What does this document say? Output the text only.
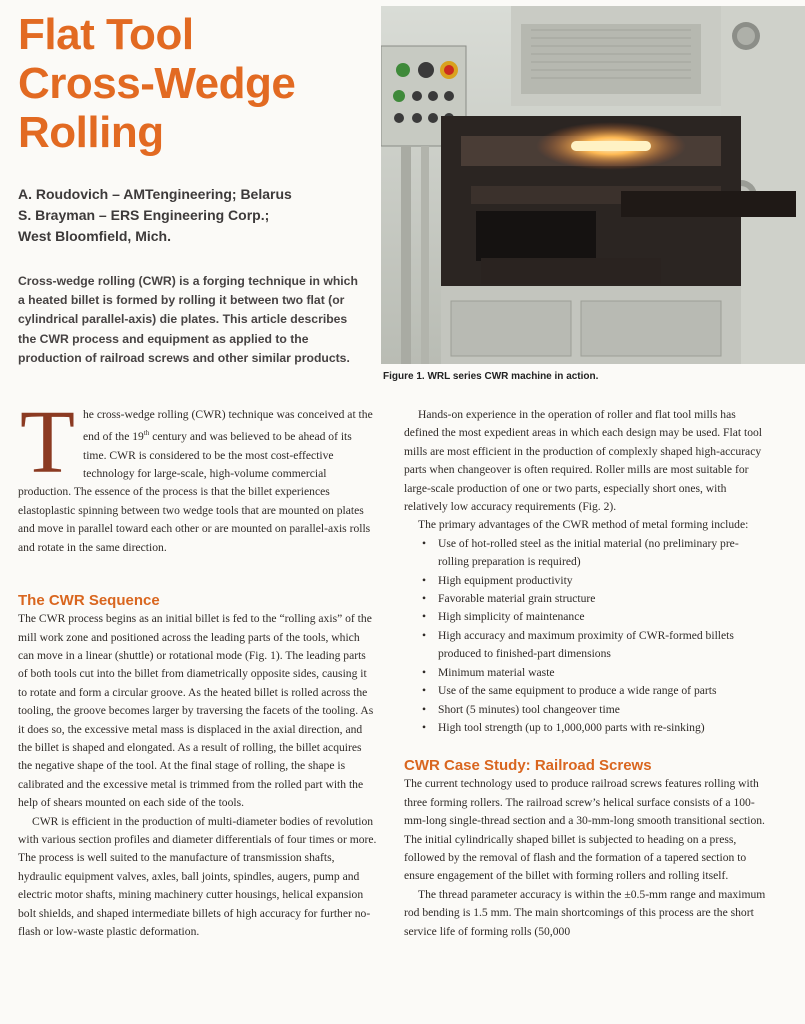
Flat Tool
Cross-Wedge
Rolling
A. Roudovich – AMTengineering; Belarus
S. Brayman – ERS Engineering Corp.;
West Bloomfield, Mich.
Cross-wedge rolling (CWR) is a forging technique in which a heated billet is formed by rolling it between two flat (or cylindrical parallel-axis) die plates. This article describes the CWR process and equipment as applied to the production of railroad screws and other similar products.
Figure 1. WRL series CWR machine in action.

The cross-wedge rolling (CWR) technique was conceived at the end of the 19th century and was believed to be ahead of its time. CWR is considered to be the most cost-effective technology for large-scale, high-volume commercial production. The essence of the process is that the billet experiences elastoplastic spinning between two wedge tools that are mounted on plates and move in parallel toward each other or are mounted on parallel-axis rolls and rotate in the same direction.

The CWR Sequence

The CWR process begins as an initial billet is fed to the “rolling axis” of the mill work zone and positioned across the leading parts of the tools, which can move in a linear (shuttle) or rotational mode (Fig. 1). The leading parts of both tools cut into the billet from diametrically opposite sides, causing it to rotate and form a circular groove. As the heated billet is rolled across the tooling, the groove becomes larger by traversing the facets of the tooling. As it does so, the excessive metal mass is displaced in the axial direction, and the billet is shaped and elongated. As a result of rolling, the billet acquires the negative shape of the tool. At the final stage of rolling, the shape is calibrated and the excessive metal is trimmed from the rolled part with the help of shears mounted on each side of the tools.

CWR is efficient in the production of multi-diameter bodies of revolution with various section profiles and diameter differentials of four times or more. The process is well suited to the manufacture of transmission shafts, hydraulic equipment valves, axles, ball joints, spindles, augers, pump and electric motor shafts, mining machinery cutter housings, helical expansion bolt shields, and shaped intermediate billets of high accuracy for further no-flash or low-waste plastic deformation.

Hands-on experience in the operation of roller and flat tool mills has defined the most expedient areas in which each design may be used. Flat tool mills are most efficient in the production of complexly shaped high-accuracy parts when changeover is often required. Roller mills are most suitable for large-scale production of one or two parts, especially short ones, with relatively low accuracy requirements (Fig. 2).

The primary advantages of the CWR method of metal forming include:

• Use of hot-rolled steel as the initial material (no preliminary pre-rolling preparation is required)
• High equipment productivity
• Favorable material grain structure
• High simplicity of maintenance
• High accuracy and maximum proximity of CWR-formed billets produced to finished-part dimensions
• Minimum material waste
• Use of the same equipment to produce a wide range of parts
• Short (5 minutes) tool changeover time
• High tool strength (up to 1,000,000 parts with re-sinking)
CWR Case Study: Railroad Screws

The current technology used to produce railroad screws features rolling with three forming rollers. The railroad screw’s helical surface consists of a 100-mm-long single-thread section and a 30-mm-long smooth transitional section. The initial cylindrically shaped billet is subjected to heading on a press, followed by the removal of flash and the formation of a tapered section to ensure engagement of the billet with forming rollers and rolling itself.

The thread parameter accuracy is within the ±0.5-mm range and maximum rod bending is 1.5 mm. The main shortcomings of this process are the short service life of forming rolls (50,000
